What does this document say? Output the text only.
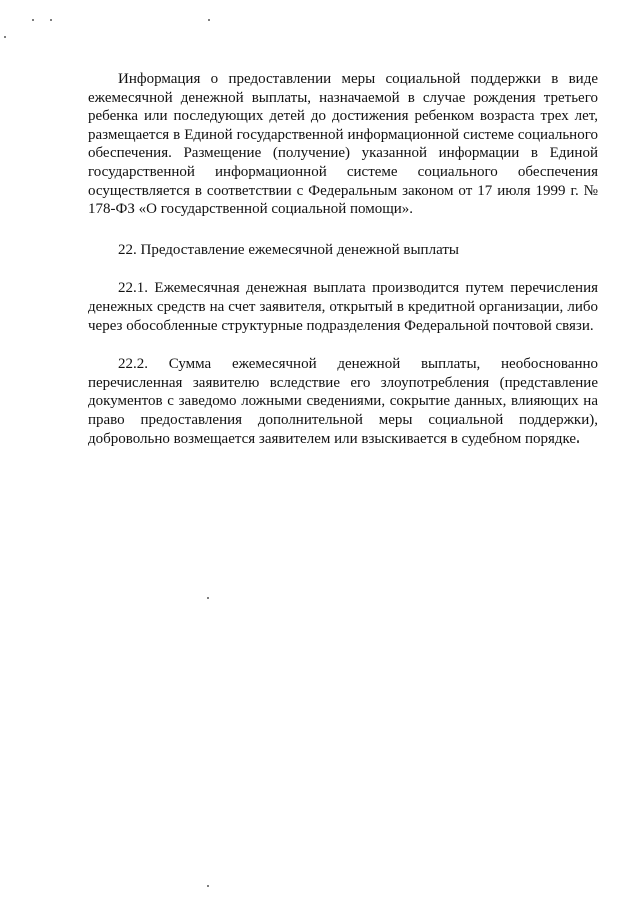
Информация о предоставлении меры социальной поддержки в виде ежемесячной денежной выплаты, назначаемой в случае рождения третьего ребенка или последующих детей до достижения ребенком возраста трех лет, размещается в Единой государственной информационной системе социального обеспечения. Размещение (получение) указанной информации в Единой государственной информационной системе социального обеспечения осуществляется в соответствии с Федеральным законом от 17 июля 1999 г. № 178-ФЗ «О государственной социальной помощи».

22. Предоставление ежемесячной денежной выплаты

22.1. Ежемесячная денежная выплата производится путем перечисления денежных средств на счет заявителя, открытый в кредитной организации, либо через обособленные структурные подразделения Федеральной почтовой связи.

22.2. Сумма ежемесячной денежной выплаты, необоснованно перечисленная заявителю вследствие его злоупотребления (представление документов с заведомо ложными сведениями, сокрытие данных, влияющих на право предоставления дополнительной меры социальной поддержки), добровольно возмещается заявителем или взыскивается в судебном порядке.
